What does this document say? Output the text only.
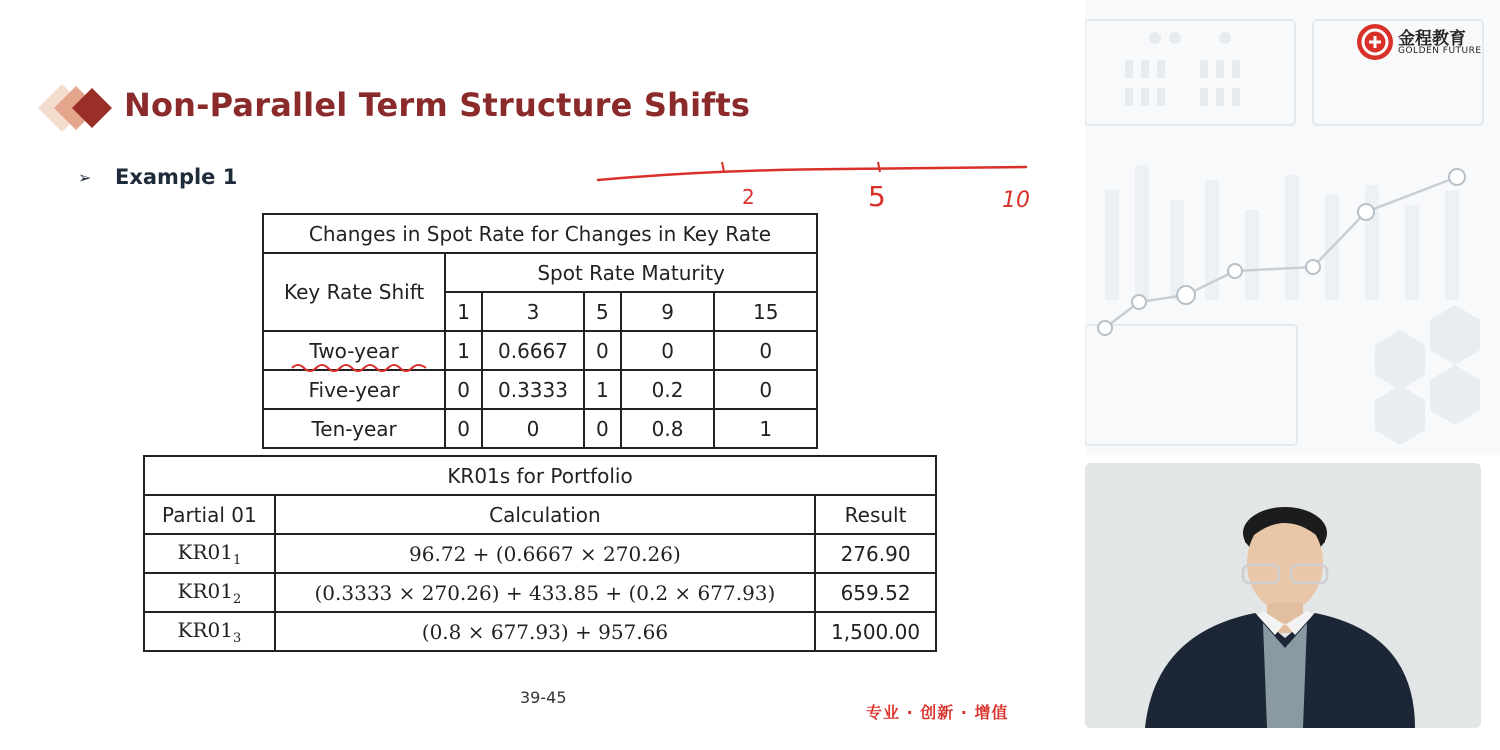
Non-Parallel Term Structure Shifts
➢ Example 1
2	5	10
Changes in Spot Rate for Changes in Key Rate					
Key Rate Shift	Spot Rate Maturity				
	1	3	5	9	15
Two-year	1	0.6667	0	0	0
Five-year	0	0.3333	1	0.2	0
Ten-year	0	0	0	0.8	1
KR01s for Portfolio		
Partial 01	Calculation	Result
$KR01_1$	96.72 + (0.6667 × 270.26)	276.90
$KR01_2$	(0.3333 × 270.26) + 433.85 + (0.2 × 677.93)	659.52
$KR01_3$	(0.8 × 677.93) + 957.66	1,500.00
39-45
专业 · 创新 · 增值
金程教育
GOLDEN FUTURE
